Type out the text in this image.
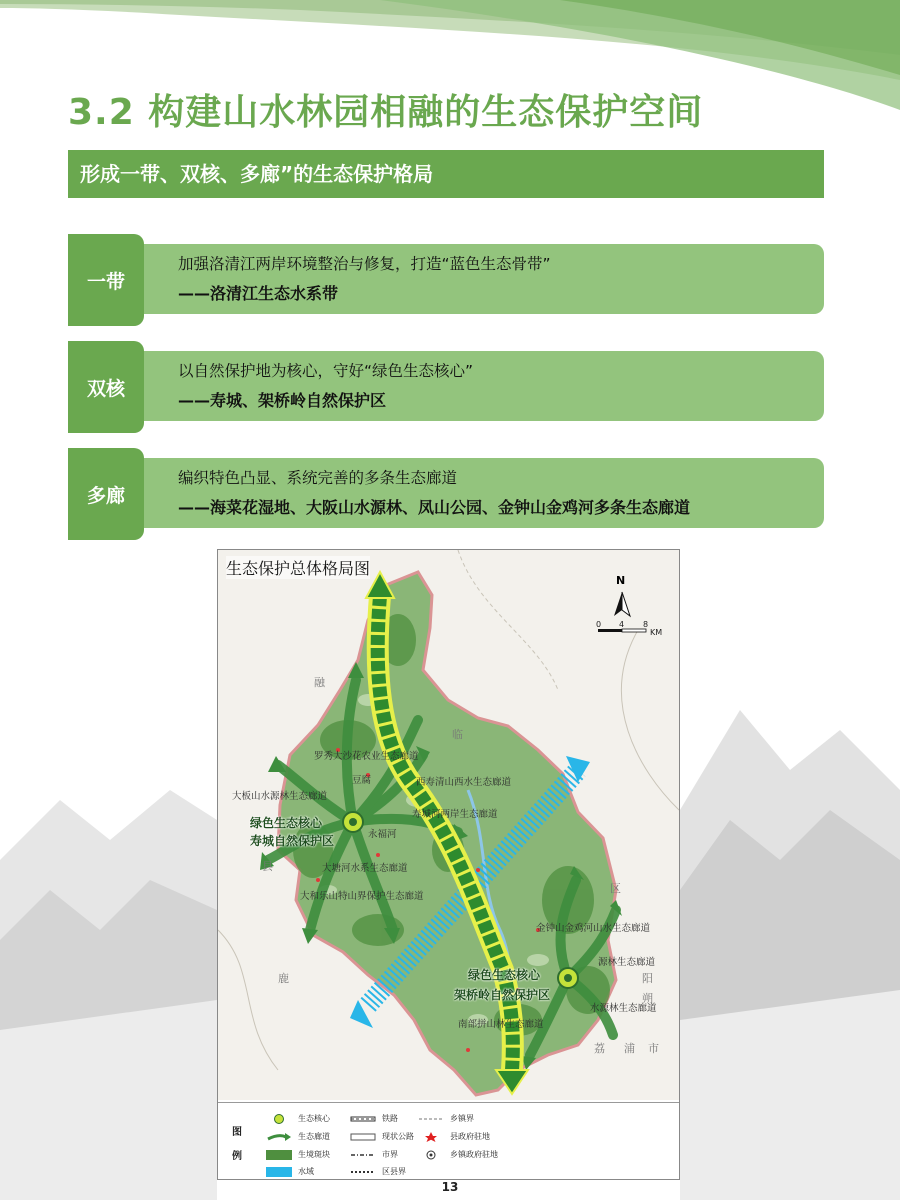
3.2 构建山水林园相融的生态保护空间
形成一带、双核、多廊”的生态保护格局
一带
加强洛清江两岸环境整治与修复，打造“蓝色生态骨带”
——洛清江生态水系带
双核
以自然保护地为核心，守好“绿色生态核心”
——寿城、架桥岭自然保护区
多廊
编织特色凸显、系统完善的多条生态廊道
——海菜花湿地、大阪山水源林、凤山公园、金钟山金鸡河多条生态廊道
生态保护总体格局图
N
0 4 8
KM
罗秀大沙花农业生态廊道
大板山水源林生态廊道
豆腐	西寿清山西水生态廊道
寿城河两岸生态廊道
永福河
大塘河水系生态廊道
大和乐山特山界保护生态廊道
金钟山金鸡河山水生态廊道
源林生态廊道
水源林生态廊道
南部拼山林生态廊道
绿色生态核心
寿城自然保护区
绿色生态核心
架桥岭自然保护区
融
临
县
区
鹿	阳
朔
荔 浦 市
图
例
生态核心
生态廊道
生境斑块
水域
铁路
现状公路
市界
区县界
乡镇界
县政府驻地
乡镇政府驻地
13
